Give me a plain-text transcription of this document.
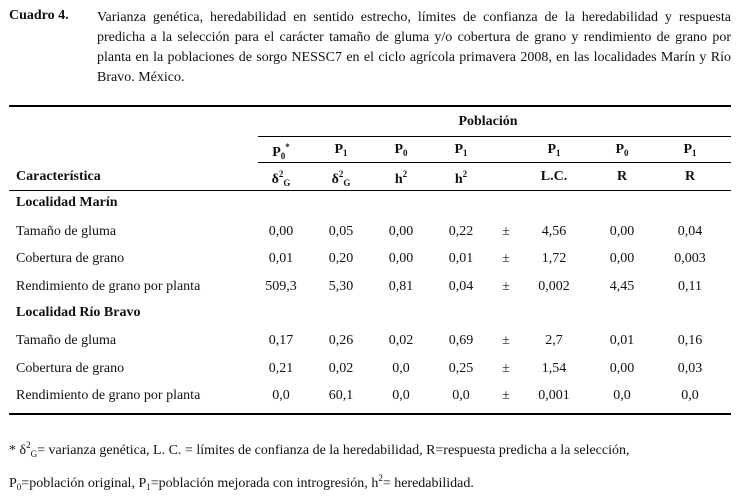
Cuadro 4. Varianza genética, heredabilidad en sentido estrecho, límites de confianza de la heredabilidad y respuesta predicha a la selección para el carácter tamaño de gluma y/o cobertura de grano y rendimiento de grano por planta en la poblaciones de sorgo NESSC7 en el ciclo agrícola primavera 2008, en las localidades Marín y Río Bravo. México.
Población
$P_0^*$	$P_1$	$P_0$	$P_1$	$P_1$	$P_0$	$P_1$
Característica	$\delta^2_G$	$\delta^2_G$	$h^2$	$h^2$	L.C.	R	R
Localidad Marín
Tamaño de gluma	0,00	0,05	0,00	0,22 ± 4,56	0,00	0,04
Cobertura de grano	0,01	0,20	0,00	0,01 ± 1,72	0,00	0,003
Rendimiento de grano por planta	509,3 5,30	0,81	0,04 ± 0,002	4,45	0,11
Localidad Río Bravo
Tamaño de gluma	0,17	0,26	0,02	0,69 ±	2,7	0,01	0,16
Cobertura de grano	0,21	0,02	0,0	0,25 ± 1,54	0,00	0,03
Rendimiento de grano por planta	0,0	60,1	0,0	0,0 ± 0,001	0,0	0,0
* $\delta^2_G=$ varianza genética, L. C. = límites de confianza de la heredabilidad, R=respuesta predicha a la selección,
$P_0=población$ original, $P_1=población$ mejorada con introgresión, $h^2=$ heredabilidad.
